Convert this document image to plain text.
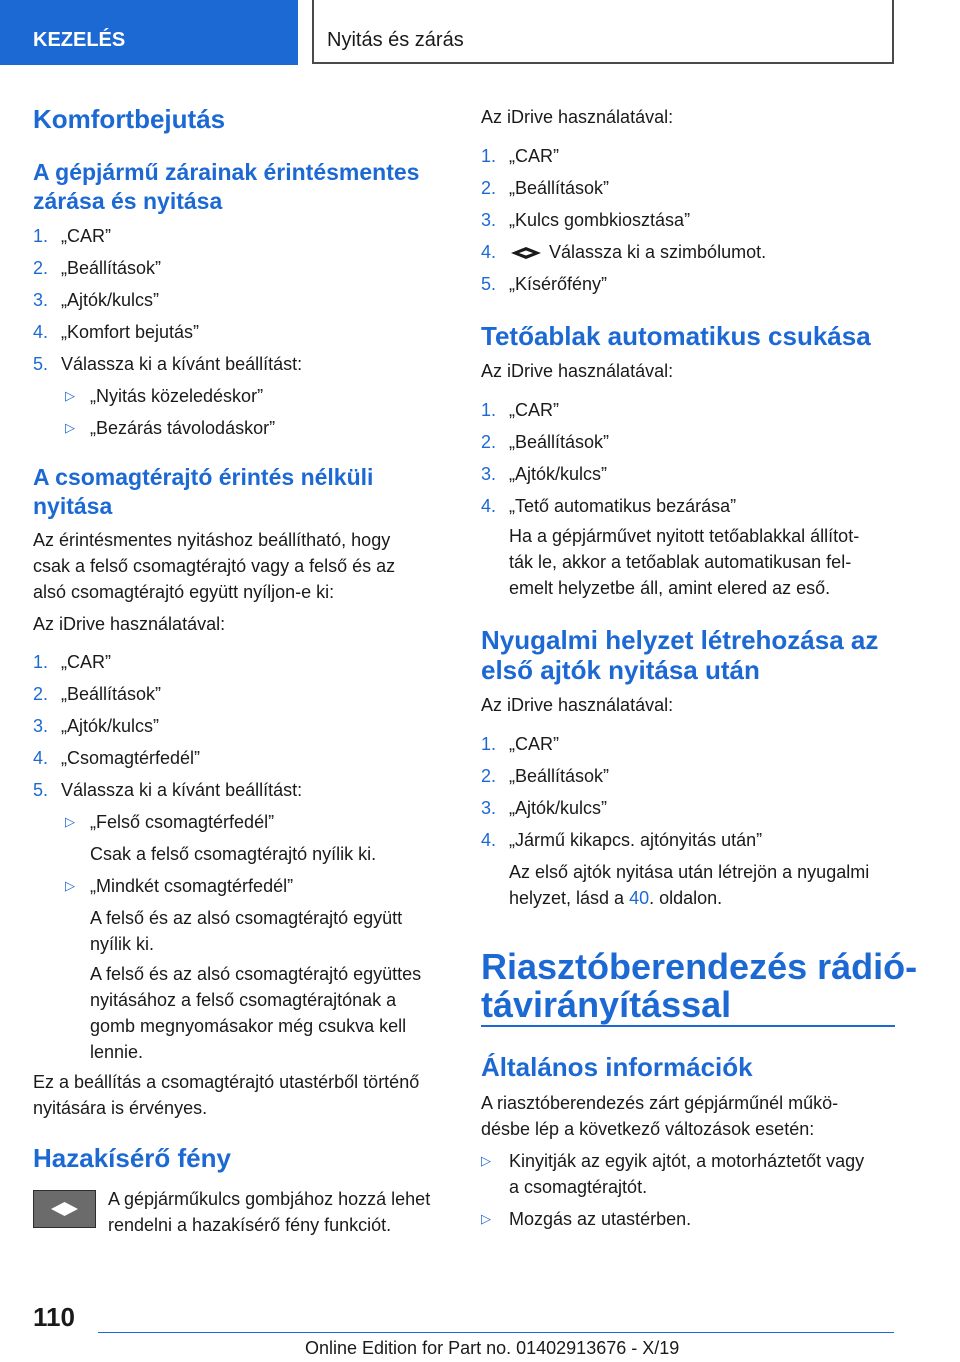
KEZELÉS	Nyitás és zárás
Komfortbejutás
A gépjármű zárainak érintésmentes
zárása és nyitása
1. „CAR”
2. „Beállítások”
3. „Ajtók/kulcs”
4. „Komfort bejutás”
5. Válassza ki a kívánt beállítást:
▷ „Nyitás közeledéskor”
▷ „Bezárás távolodáskor”
A csomagtérajtó érintés nélküli
nyitása
Az érintésmentes nyitáshoz beállítható, hogy
csak a felső csomagtérajtó vagy a felső és az
alsó csomagtérajtó együtt nyíljon-e ki:
Az iDrive használatával:
1. „CAR”
2. „Beállítások”
3. „Ajtók/kulcs”
4. „Csomagtérfedél”
5. Válassza ki a kívánt beállítást:
▷ „Felső csomagtérfedél”
Csak a felső csomagtérajtó nyílik ki.
▷ „Mindkét csomagtérfedél”
A felső és az alsó csomagtérajtó együtt
nyílik ki.
A felső és az alsó csomagtérajtó együttes
nyitásához a felső csomagtérajtónak a
gomb megnyomásakor még csukva kell
lennie.
Ez a beállítás a csomagtérajtó utastérből történő
nyitására is érvényes.
Hazakísérő fény
A gépjárműkulcs gombjához hozzá lehet
rendelni a hazakísérő fény funkciót.
Az iDrive használatával:
1. „CAR”
2. „Beállítások”
3. „Kulcs gombkiosztása”
4.	Válassza ki a szimbólumot.
5. „Kísérőfény”
Tetőablak automatikus csukása
Az iDrive használatával:
1. „CAR”
2. „Beállítások”
3. „Ajtók/kulcs”
4. „Tető automatikus bezárása”
Ha a gépjárművet nyitott tetőablakkal állítot-
ták le, akkor a tetőablak automatikusan fel-
emelt helyzetbe áll, amint elered az eső.
Nyugalmi helyzet létrehozása az
első ajtók nyitása után
Az iDrive használatával:
1. „CAR”
2. „Beállítások”
3. „Ajtók/kulcs”
4. „Jármű kikapcs. ajtónyitás után”
Az első ajtók nyitása után létrejön a nyugalmi
helyzet, lásd a 40. oldalon.
Riasztóberendezés rádió-
távirányítással
Általános információk
A riasztóberendezés zárt gépjárműnél műkö-
désbe lép a következő változások esetén:
▷ Kinyitják az egyik ajtót, a motorháztetőt vagy
a csomagtérajtót.
▷ Mozgás az utastérben.
110
Online Edition for Part no. 01402913676 - X/19
